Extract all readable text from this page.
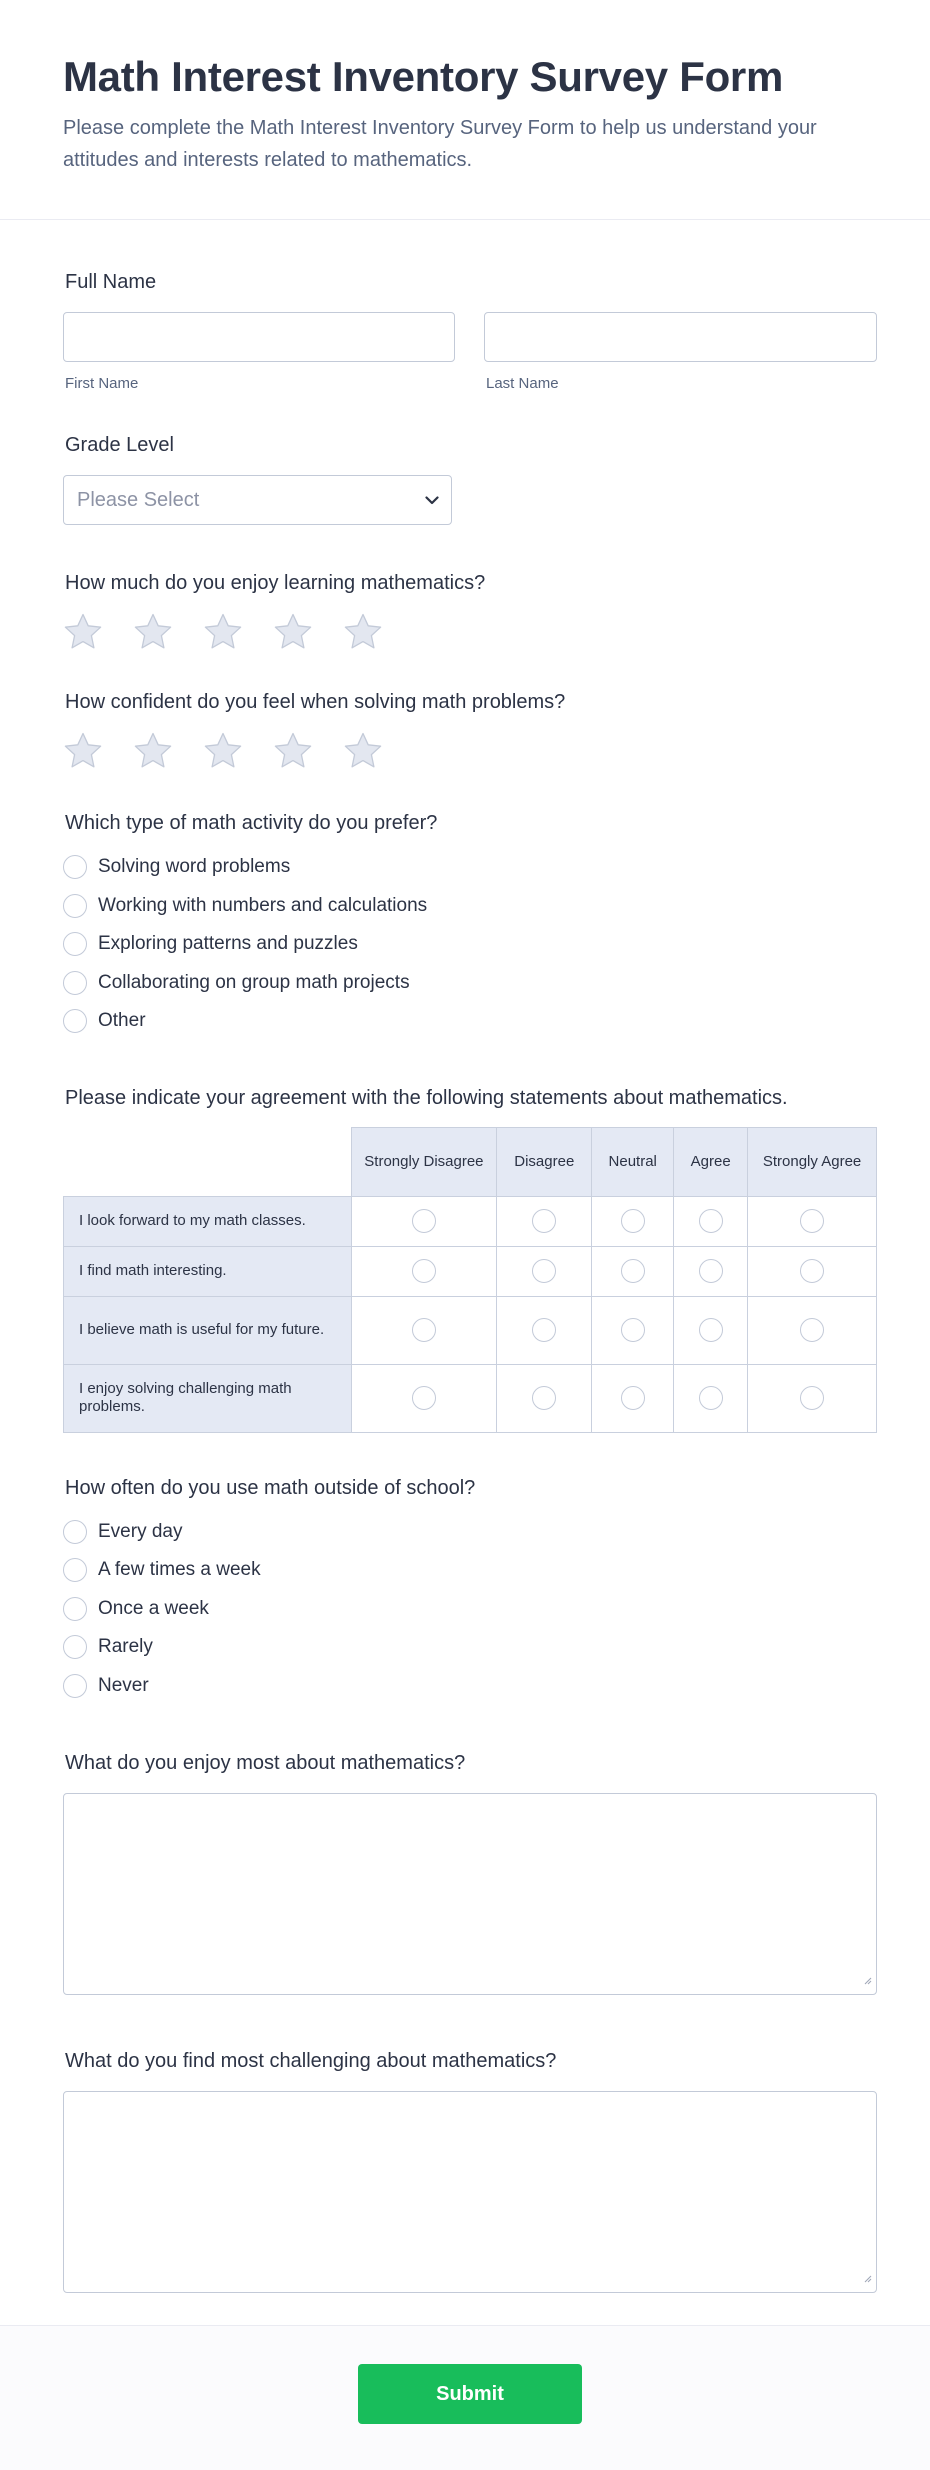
Math Interest Inventory Survey Form

Please complete the Math Interest Inventory Survey Form to help us understand your attitudes and interests related to mathematics.

Full Name
First Name	Last Name
Grade Level
Please Select
How much do you enjoy learning mathematics?
How confident do you feel when solving math problems?
Which type of math activity do you prefer?
Solving word problems
Working with numbers and calculations
Exploring patterns and puzzles
Collaborating on group math projects
Other
Please indicate your agreement with the following statements about mathematics.
	Strongly Disagree	Disagree	Neutral	Agree	Strongly Agree
I look forward to my math classes.					
I find math interesting.					
I believe math is useful for my future.					
I enjoy solving challenging math problems.					
How often do you use math outside of school?
Every day
A few times a week
Once a week
Rarely
Never
What do you enjoy most about mathematics?
What do you find most challenging about mathematics?
Submit
